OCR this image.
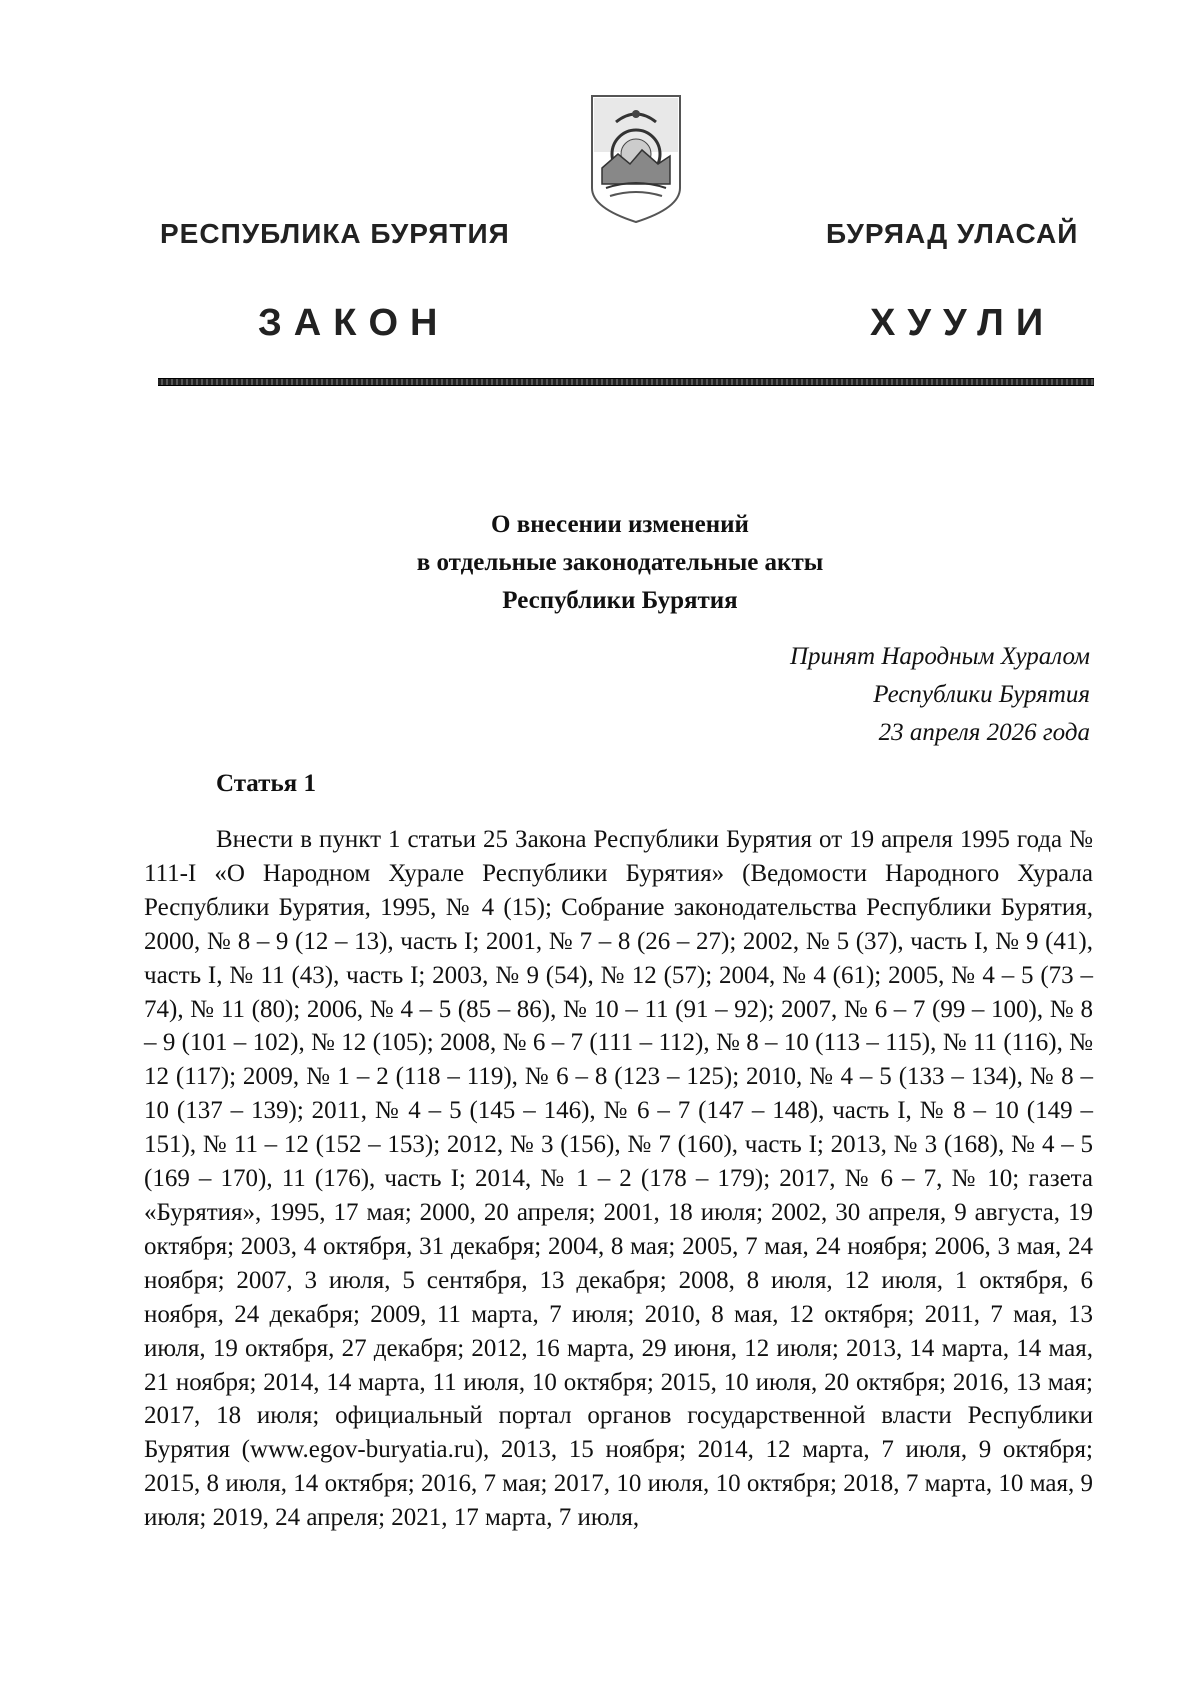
РЕСПУБЛИКА БУРЯТИЯ	БУРЯАД УЛАСАЙ
ЗАКОН	ХУУЛИ
О внесении изменений
в отдельные законодательные акты
Республики Бурятия
Принят Народным Хуралом
Республики Бурятия
23 апреля 2026 года
Статья 1
Внести в пункт 1 статьи 25 Закона Республики Бурятия от 19 апреля 1995 года № 111-I «О Народном Хурале Республики Бурятия» (Ведомости Народного Хурала Республики Бурятия, 1995, № 4 (15); Собрание законодательства Республики Бурятия, 2000, № 8 – 9 (12 – 13), часть I; 2001, № 7 – 8 (26 – 27); 2002, № 5 (37), часть I, № 9 (41), часть I, № 11 (43), часть I; 2003, № 9 (54), № 12 (57); 2004, № 4 (61); 2005, № 4 – 5 (73 – 74), № 11 (80); 2006, № 4 – 5 (85 – 86), № 10 – 11 (91 – 92); 2007, № 6 – 7 (99 – 100), № 8 – 9 (101 – 102), № 12 (105); 2008, № 6 – 7 (111 – 112), № 8 – 10 (113 – 115), № 11 (116), № 12 (117); 2009, № 1 – 2 (118 – 119), № 6 – 8 (123 – 125); 2010, № 4 – 5 (133 – 134), № 8 – 10 (137 – 139); 2011, № 4 – 5 (145 – 146), № 6 – 7 (147 – 148), часть I, № 8 – 10 (149 – 151), № 11 – 12 (152 – 153); 2012, № 3 (156), № 7 (160), часть I; 2013, № 3 (168), № 4 – 5 (169 – 170), 11 (176), часть I; 2014, № 1 – 2 (178 – 179); 2017, № 6 – 7, № 10; газета «Бурятия», 1995, 17 мая; 2000, 20 апреля; 2001, 18 июля; 2002, 30 апреля, 9 августа, 19 октября; 2003, 4 октября, 31 декабря; 2004, 8 мая; 2005, 7 мая, 24 ноября; 2006, 3 мая, 24 ноября; 2007, 3 июля, 5 сентября, 13 декабря; 2008, 8 июля, 12 июля, 1 октября, 6 ноября, 24 декабря; 2009, 11 марта, 7 июля; 2010, 8 мая, 12 октября; 2011, 7 мая, 13 июля, 19 октября, 27 декабря; 2012, 16 марта, 29 июня, 12 июля; 2013, 14 марта, 14 мая, 21 ноября; 2014, 14 марта, 11 июля, 10 октября; 2015, 10 июля, 20 октября; 2016, 13 мая; 2017, 18 июля; официальный портал органов государственной власти Республики Бурятия (www.egov-buryatia.ru), 2013, 15 ноября; 2014, 12 марта, 7 июля, 9 октября; 2015, 8 июля, 14 октября; 2016, 7 мая; 2017, 10 июля, 10 октября; 2018, 7 марта, 10 мая, 9 июля; 2019, 24 апреля; 2021, 17 марта, 7 июля,
